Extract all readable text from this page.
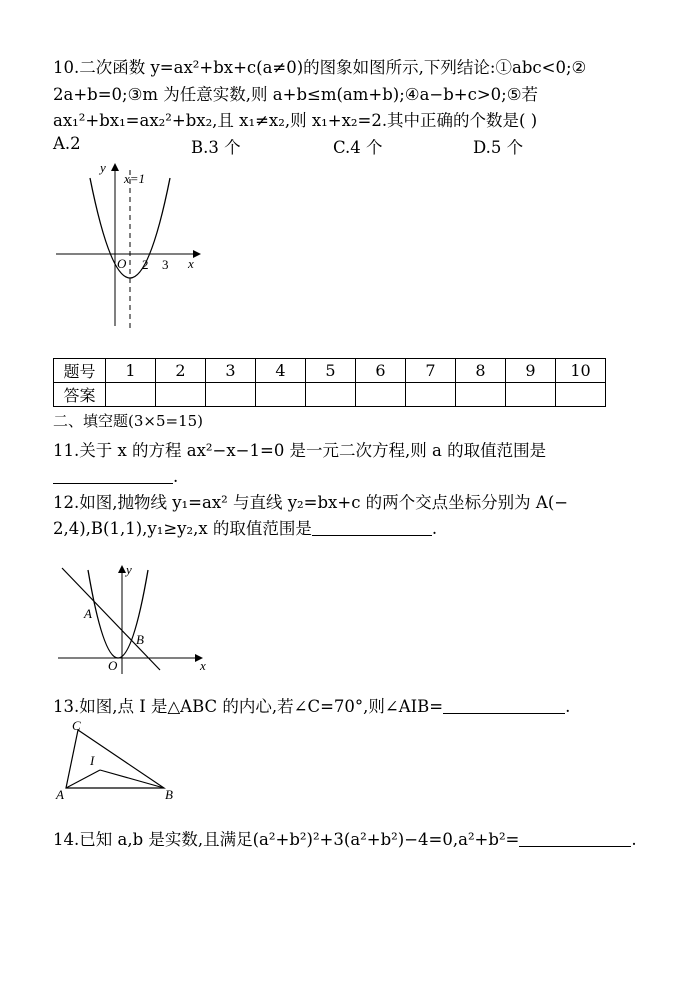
10.二次函数 y=ax²+bx+c(a≠0)的图象如图所示,下列结论:①abc<0;②
2a+b=0;③m 为任意实数,则 a+b≤m(am+b);④a−b+c>0;⑤若
ax₁²+bx₁=ax₂²+bx₂,且 x₁≠x₂,则 x₁+x₂=2.其中正确的个数是( )
A.2	B.3 个	C.4 个	D.5 个
y
x=1
O 2 3 x
题号	1	2	3	4	5	6	7	8	9	10
答案										
二、填空题(3×5=15)
11.关于 x 的方程 ax²−x−1=0 是一元二次方程,则 a 的取值范围是
.
12.如图,抛物线 y₁=ax² 与直线 y₂=bx+c 的两个交点坐标分别为 A(−
2,4),B(1,1),y₁≥y₂,x 的取值范围是	.
y
A
B
O	x
13.如图,点 I 是△ABC 的内心,若∠C=70°,则∠AIB=	.
C
I
A	B
14.已知 a,b 是实数,且满足(a²+b²)²+3(a²+b²)−4=0,a²+b²=	.
